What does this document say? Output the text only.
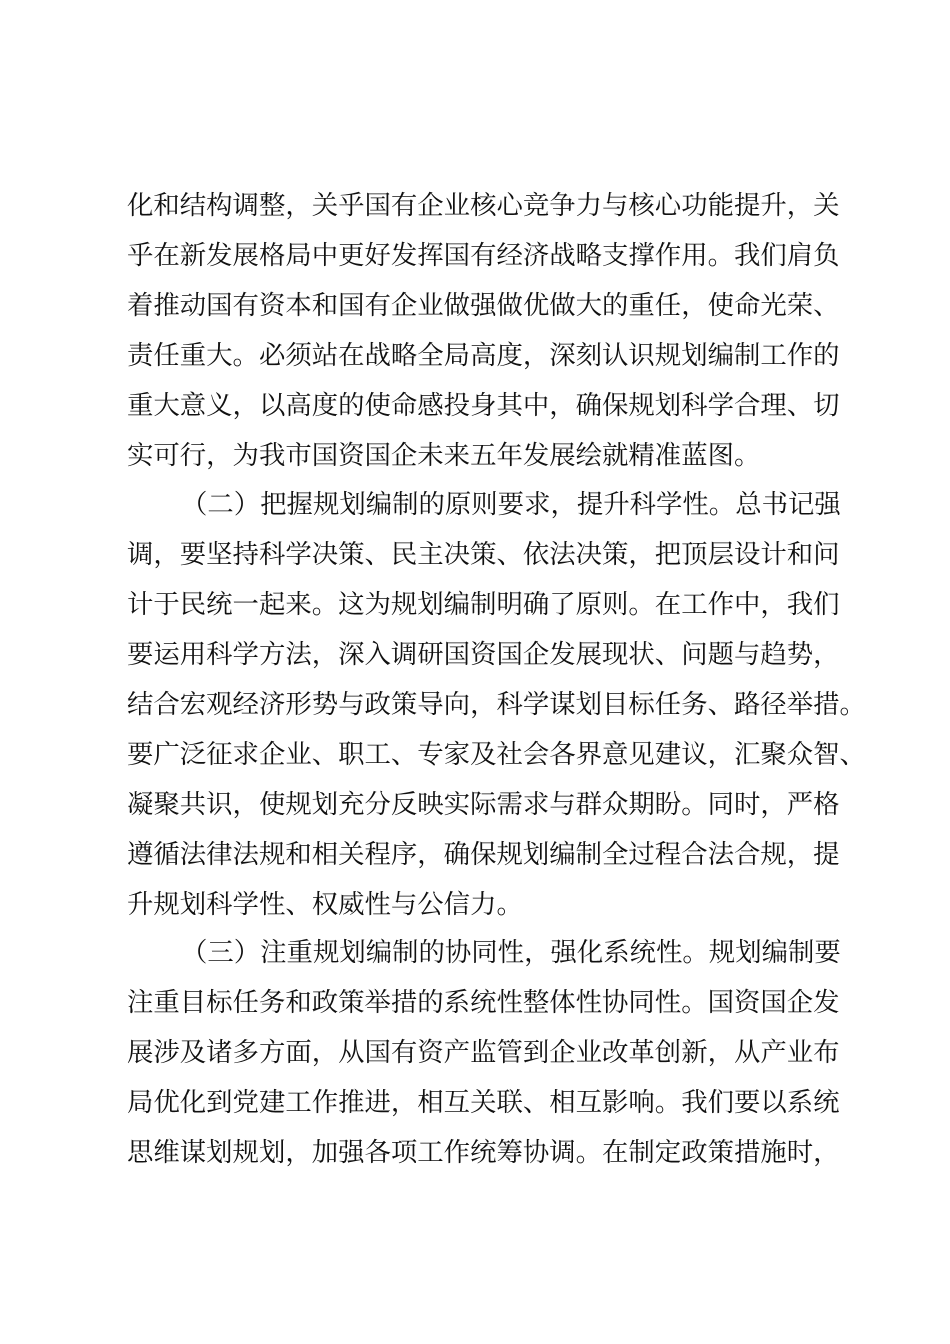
化和结构调整，关乎国有企业核心竞争力与核心功能提升，关

乎在新发展格局中更好发挥国有经济战略支撑作用。我们肩负

着推动国有资本和国有企业做强做优做大的重任，使命光荣、

责任重大。必须站在战略全局高度，深刻认识规划编制工作的

重大意义，以高度的使命感投身其中，确保规划科学合理、切

实可行，为我市国资国企未来五年发展绘就精准蓝图。

（二）把握规划编制的原则要求，提升科学性。总书记强

调，要坚持科学决策、民主决策、依法决策，把顶层设计和问

计于民统一起来。这为规划编制明确了原则。在工作中，我们

要运用科学方法，深入调研国资国企发展现状、问题与趋势，

结合宏观经济形势与政策导向，科学谋划目标任务、路径举措。

要广泛征求企业、职工、专家及社会各界意见建议，汇聚众智、

凝聚共识，使规划充分反映实际需求与群众期盼。同时，严格

遵循法律法规和相关程序，确保规划编制全过程合法合规，提

升规划科学性、权威性与公信力。

（三）注重规划编制的协同性，强化系统性。规划编制要

注重目标任务和政策举措的系统性整体性协同性。国资国企发

展涉及诸多方面，从国有资产监管到企业改革创新，从产业布

局优化到党建工作推进，相互关联、相互影响。我们要以系统

思维谋划规划，加强各项工作统筹协调。在制定政策措施时，
